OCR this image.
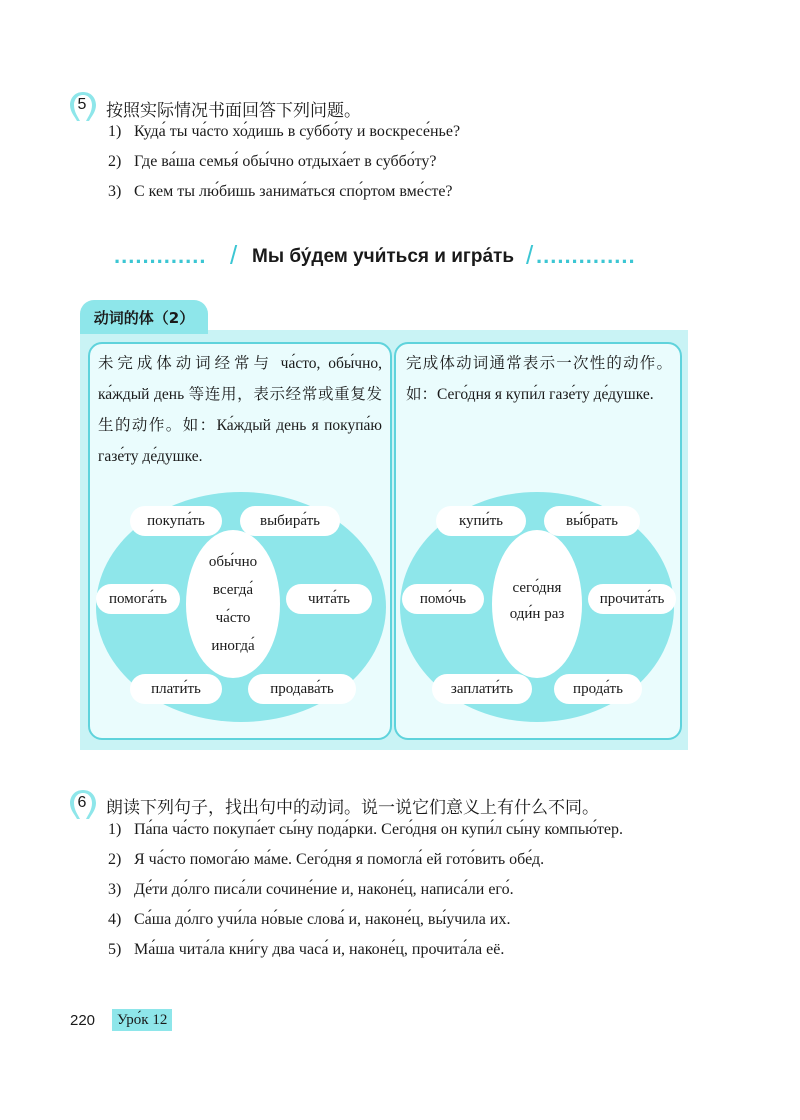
5	按照实际情况书面回答下列问题。
1) Куда́ ты ча́сто хо́дишь в суббо́ту и воскресе́нье?
2) Где ва́ша семья́ обы́чно отдыха́ет в суббо́ту?
3) С кем ты лю́бишь занима́ться спо́ртом вме́сте?
............. / Мы бу́дем учи́ться и игра́ть / ..............
动词的体（2）
未完成体动词经常与 ча́сто, обы́чно, ка́ждый день 等连用，表示经常或重复发生的动作。如：Ка́ждый день я покупа́ю газе́ту де́душке.
обы́чно
всегда́
ча́сто
иногда́
покупа́ть	выбира́ть
помога́ть	чита́ть
плати́ть	продава́ть
完成体动词通常表示一次性的动作。如：Сего́дня я купи́л газе́ту де́душке.
сего́дня
оди́н раз
купи́ть	вы́брать
помо́чь	прочита́ть
заплати́ть	прода́ть
6	朗读下列句子，找出句中的动词。说一说它们意义上有什么不同。
1) Па́па ча́сто покупа́ет сы́ну пода́рки. Сего́дня он купи́л сы́ну компью́тер.
2) Я ча́сто помога́ю ма́ме. Сего́дня я помогла́ ей гото́вить обе́д.
3) Де́ти до́лго писа́ли сочине́ние и, наконе́ц, написа́ли его́.
4) Са́ша до́лго учи́ла но́вые слова́ и, наконе́ц, вы́учила их.
5) Ма́ша чита́ла кни́гу два часа́ и, наконе́ц, прочита́ла её.
220	Уро́к 12
